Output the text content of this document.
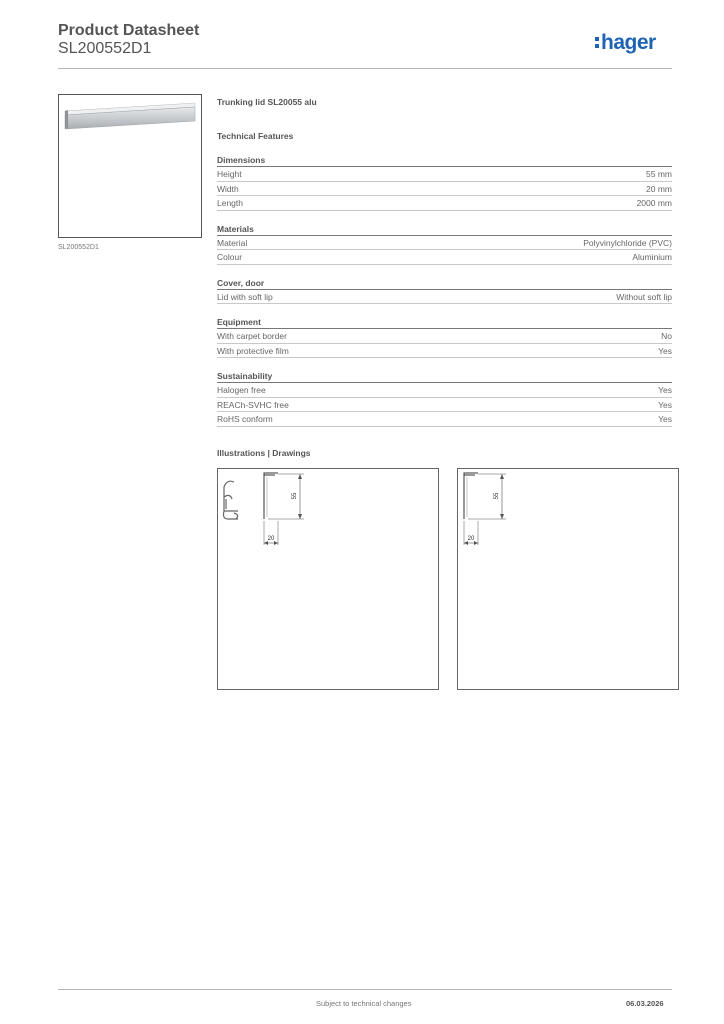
Product Datasheet
SL200552D1	hager
SL200552D1
Trunking lid SL20055 alu
Technical Features
Dimensions
Height	55 mm
Width	20 mm
Length	2000 mm
Materials
Material	Polyvinylchloride (PVC)
Colour	Aluminium
Cover, door
Lid with soft lip	Without soft lip
Equipment
With carpet border	No
With protective film	Yes
Sustainability
Halogen free	Yes
REACh-SVHC free	Yes
RoHS conform	Yes
Illustrations | Drawings
55
20
55
20
Subject to technical changes	06.03.2026
